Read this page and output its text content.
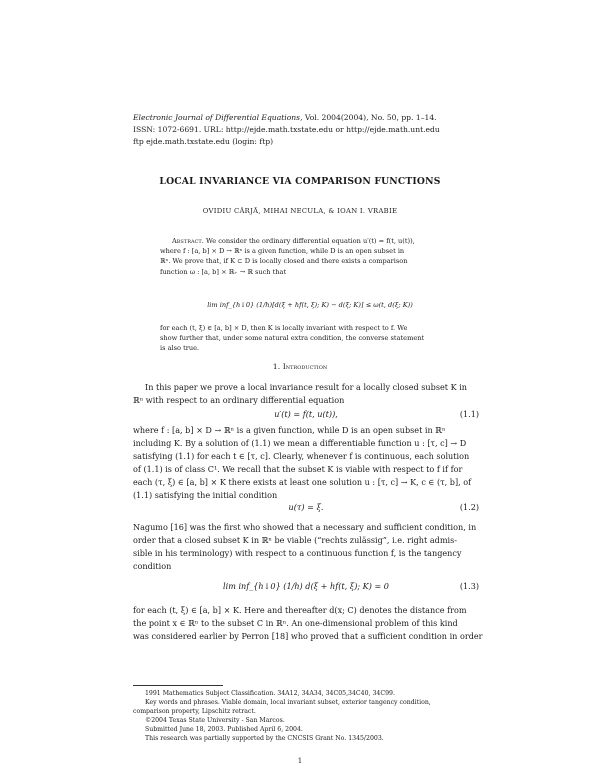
Electronic Journal of Differential Equations, Vol. 2004(2004), No. 50, pp. 1–14.
ISSN: 1072-6691. URL: http://ejde.math.txstate.edu or http://ejde.math.unt.edu
ftp ejde.math.txstate.edu (login: ftp)
LOCAL INVARIANCE VIA COMPARISON FUNCTIONS
OVIDIU CÂRJĂ, MIHAI NECULA, & IOAN I. VRABIE
Abstract. We consider the ordinary differential equation u′(t) = f(t, u(t)),
where f : [a, b] × D → ℝⁿ is a given function, while D is an open subset in
ℝⁿ. We prove that, if K ⊂ D is locally closed and there exists a comparison
function ω : [a, b] × ℝ₊ → ℝ such that
lim inf_{h↓0} (1/h)[d(ξ + hf(t, ξ); K) − d(ξ; K)] ≤ ω(t, d(ξ; K))
for each (t, ξ) ∈ [a, b] × D, then K is locally invariant with respect to f. We
show further that, under some natural extra condition, the converse statement
is also true.
1. Introduction
In this paper we prove a local invariance result for a locally closed subset K in
ℝⁿ with respect to an ordinary differential equation
u′(t) = f(t, u(t)),	(1.1)
where f : [a, b] × D → ℝⁿ is a given function, while D is an open subset in ℝⁿ
including K. By a solution of (1.1) we mean a differentiable function u : [τ, c] → D
satisfying (1.1) for each t ∈ [τ, c]. Clearly, whenever f is continuous, each solution
of (1.1) is of class C¹. We recall that the subset K is viable with respect to f if for
each (τ, ξ) ∈ [a, b] × K there exists at least one solution u : [τ, c] → K, c ∈ (τ, b], of
(1.1) satisfying the initial condition
u(τ) = ξ.	(1.2)
Nagumo [16] was the first who showed that a necessary and sufficient condition, in
order that a closed subset K in ℝⁿ be viable (“rechts zulässig”, i.e. right admis-
sible in his terminology) with respect to a continuous function f, is the tangency
condition
lim inf_{h↓0} (1/h) d(ξ + hf(t, ξ); K) = 0	(1.3)
for each (t, ξ) ∈ [a, b] × K. Here and thereafter d(x; C) denotes the distance from
the point x ∈ ℝⁿ to the subset C in ℝⁿ. An one-dimensional problem of this kind
was considered earlier by Perron [18] who proved that a sufficient condition in order
1991 Mathematics Subject Classification. 34A12, 34A34, 34C05,34C40, 34C99.
Key words and phrases. Viable domain, local invariant subset, exterior tangency condition,
comparison property, Lipschitz retract.
©2004 Texas State University - San Marcos.
Submitted June 18, 2003. Published April 6, 2004.
This research was partially supported by the CNCSIS Grant No. 1345/2003.
1
